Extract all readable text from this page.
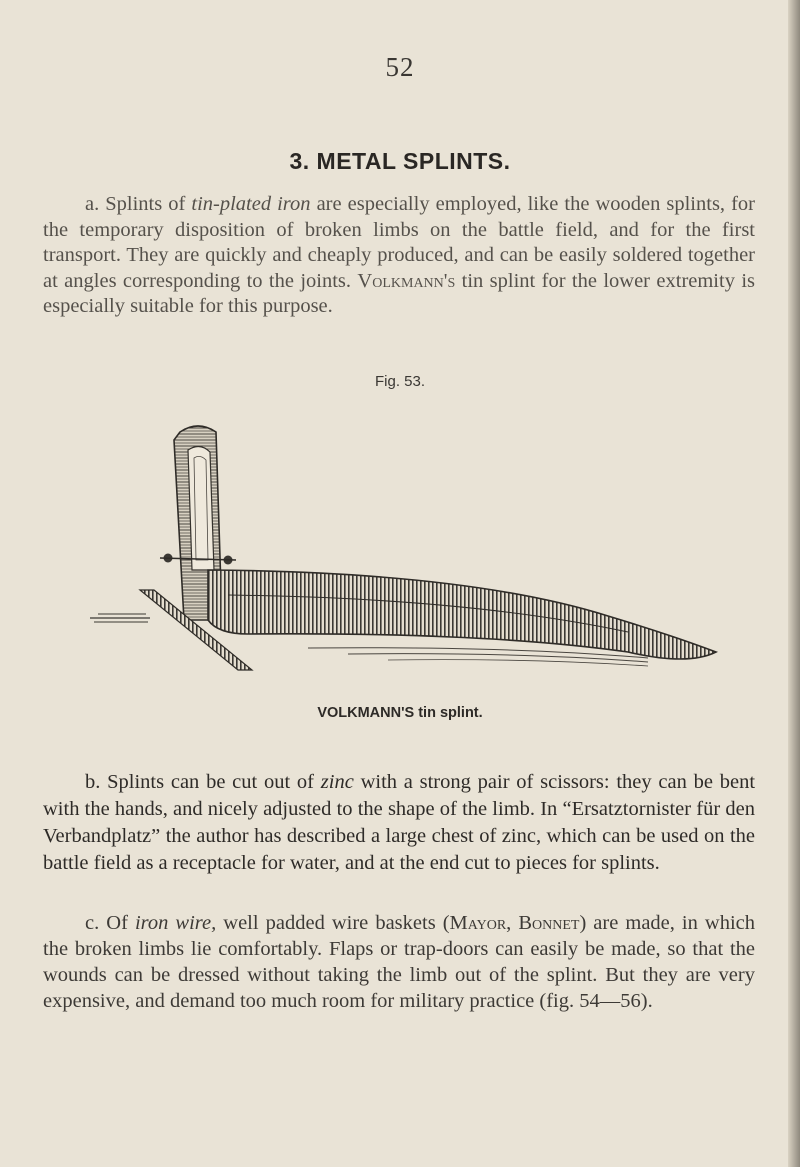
52
3. METAL SPLINTS.
a. Splints of tin-plated iron are especially employed, like the wooden splints, for the temporary disposition of broken limbs on the battle field, and for the first transport. They are quickly and cheaply produced, and can be easily soldered together at angles corresponding to the joints. Volkmann's tin splint for the lower extremity is especially suitable for this purpose.
Fig. 53.
VOLKMANN'S tin splint.
b. Splints can be cut out of zinc with a strong pair of scissors: they can be bent with the hands, and nicely adjusted to the shape of the limb. In “Ersatztornister für den Verbandplatz” the author has described a large chest of zinc, which can be used on the battle field as a receptacle for water, and at the end cut to pieces for splints.
c. Of iron wire, well padded wire baskets (Mayor, Bonnet) are made, in which the broken limbs lie comfortably. Flaps or trap-doors can easily be made, so that the wounds can be dressed without taking the limb out of the splint. But they are very expensive, and demand too much room for military practice (fig. 54—56).
